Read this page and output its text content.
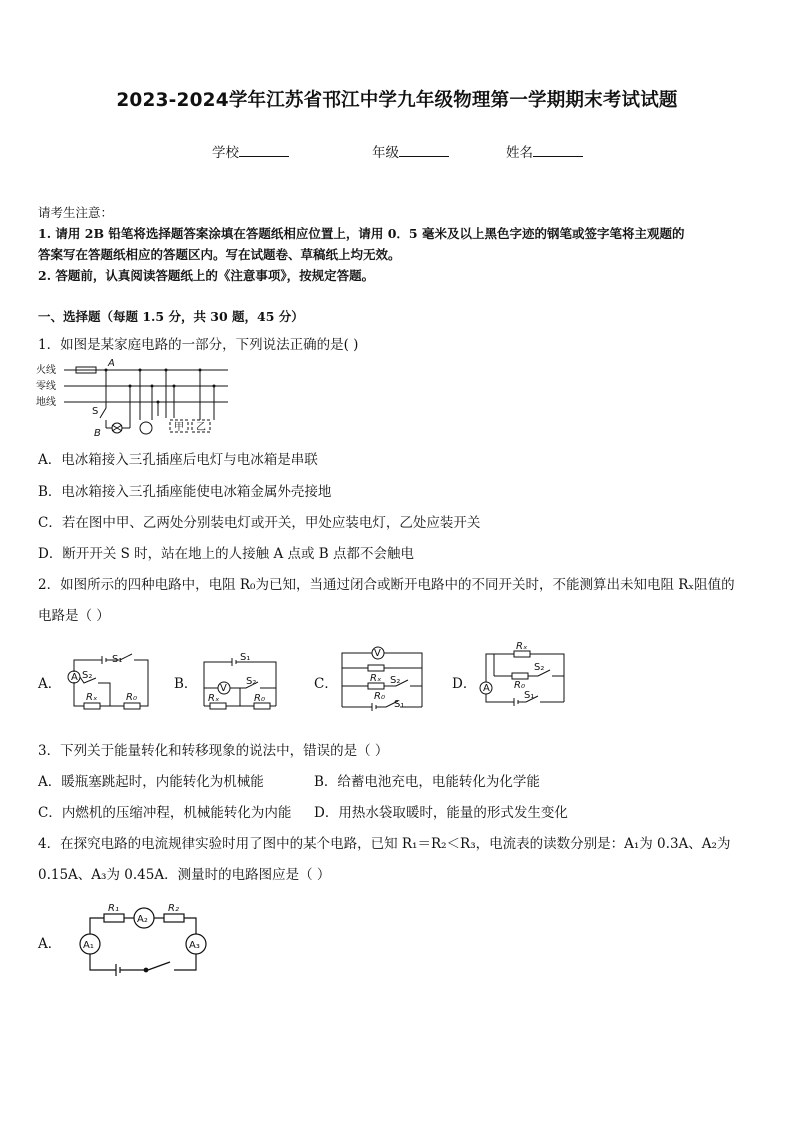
2023-2024学年江苏省邗江中学九年级物理第一学期期末考试试题
学校	年级	姓名
请考生注意：
1. 请用 2B 铅笔将选择题答案涂填在答题纸相应位置上，请用 0．5 毫米及以上黑色字迹的钢笔或签字笔将主观题的
答案写在答题纸相应的答题区内。写在试题卷、草稿纸上均无效。
2. 答题前，认真阅读答题纸上的《注意事项》，按规定答题。
一、选择题（每题 1.5 分，共 30 题，45 分）
1．如图是某家庭电路的一部分，下列说法正确的是( )
火线
零线
地线
A
B
S
甲 乙
A．电冰箱接入三孔插座后电灯与电冰箱是串联
B．电冰箱接入三孔插座能使电冰箱金属外壳接地
C．若在图中甲、乙两处分别装电灯或开关，甲处应装电灯，乙处应装开关
D．断开开关 S 时，站在地上的人接触 A 点或 B 点都不会触电
2．如图所示的四种电路中，电阻 R₀为已知，当通过闭合或断开电路中的不同开关时，不能测算出未知电阻 Rₓ阻值的
电路是（ ）
A． A
S₁
S₂
Rₓ	R₀
B． V
S₁
S₂
Rₓ	R₀
C．
V
Rₓ S₂
R₀
S₁
D． A
Rₓ
S₂
R₀
S₁
3．下列关于能量转化和转移现象的说法中，错误的是（ ）
A．暖瓶塞跳起时，内能转化为机械能	B．给蓄电池充电，电能转化为化学能
C．内燃机的压缩冲程，机械能转化为内能 D．用热水袋取暖时，能量的形式发生变化
4．在探究电路的电流规律实验时用了图中的某个电路，已知 R₁＝R₂＜R₃，电流表的读数分别是：A₁为 0.3A、A₂为
0.15A、A₃为 0.45A．测量时的电路图应是（ ）
A．
R₁	R₂
A₂
A₁	A₃
